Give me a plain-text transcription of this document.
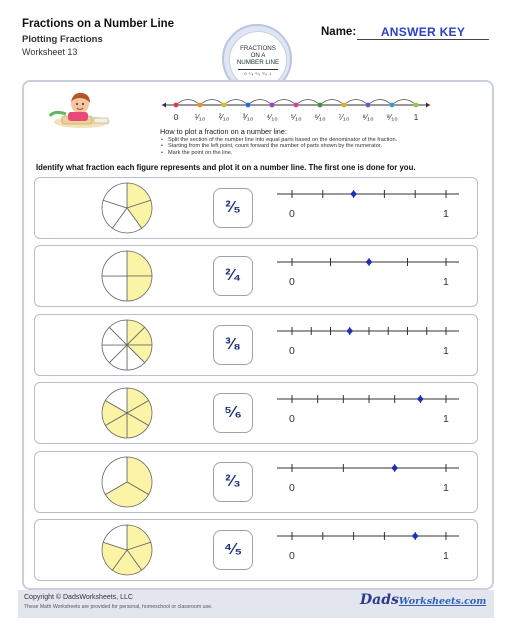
Fractions on a Number Line
Plotting Fractions
Worksheet 13	FRACTIONS
ON A
NUMBER LINE
0 ¹⁄₈ ²⁄₈ ³⁄₈ 1
Name:	ANSWER KEY
0 ¹⁄₁₀ ²⁄₁₀ ³⁄₁₀ ⁴⁄₁₀ ⁵⁄₁₀ ⁶⁄₁₀ ⁷⁄₁₀ ⁸⁄₁₀ ⁹⁄₁₀ 1
How to plot a fraction on a number line:
• Split the section of the number line into equal parts based on the denominator of the fraction.
• Starting from the left point, count forward the number of parts shown by the numerator.
• Mark the point on the line.
Identify what fraction each figure represents and plot it on a number line. The first one is done for you.
²⁄₅	0	1
²⁄₄	0	1
³⁄₈	0	1
⁵⁄₆	0	1
²⁄₃	0	1
⁴⁄₅	0	1
Copyright © DadsWorksheets, LLC
These Math Worksheets are provided for personal, homeschool or classroom use.	DadsWorksheets.com
